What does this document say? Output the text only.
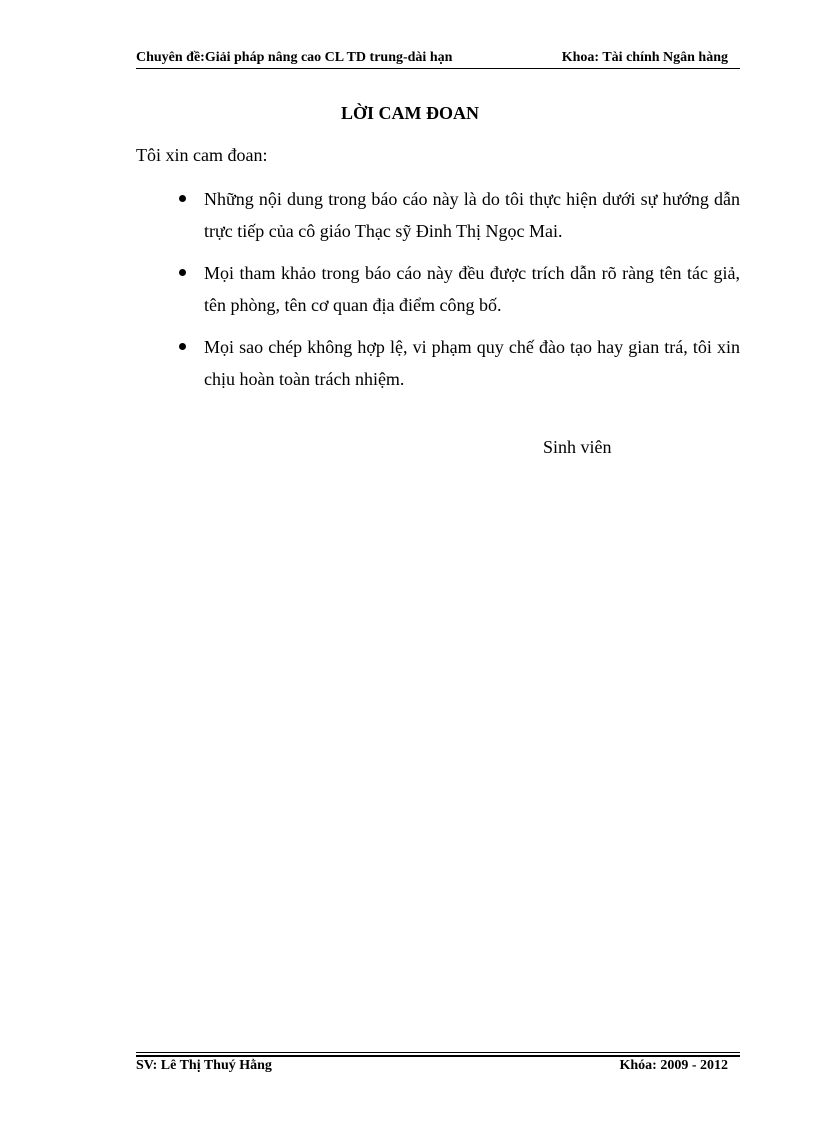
Chuyên đề:Giải pháp nâng cao CL TD trung-dài hạn	Khoa: Tài chính Ngân hàng
LỜI CAM ĐOAN
Tôi xin cam đoan:
Những nội dung trong báo cáo này là do tôi thực hiện dưới sự hướng dẫn trực tiếp của cô giáo Thạc sỹ Đinh Thị Ngọc Mai.
Mọi tham khảo trong báo cáo này đều được trích dẫn rõ ràng tên tác giả, tên phòng, tên cơ quan địa điểm công bố.
Mọi sao chép không hợp lệ, vi phạm quy chế đào tạo hay gian trá, tôi xin chịu hoàn toàn trách nhiệm.
Sinh viên
SV: Lê Thị Thuý Hằng	Khóa: 2009 - 2012
